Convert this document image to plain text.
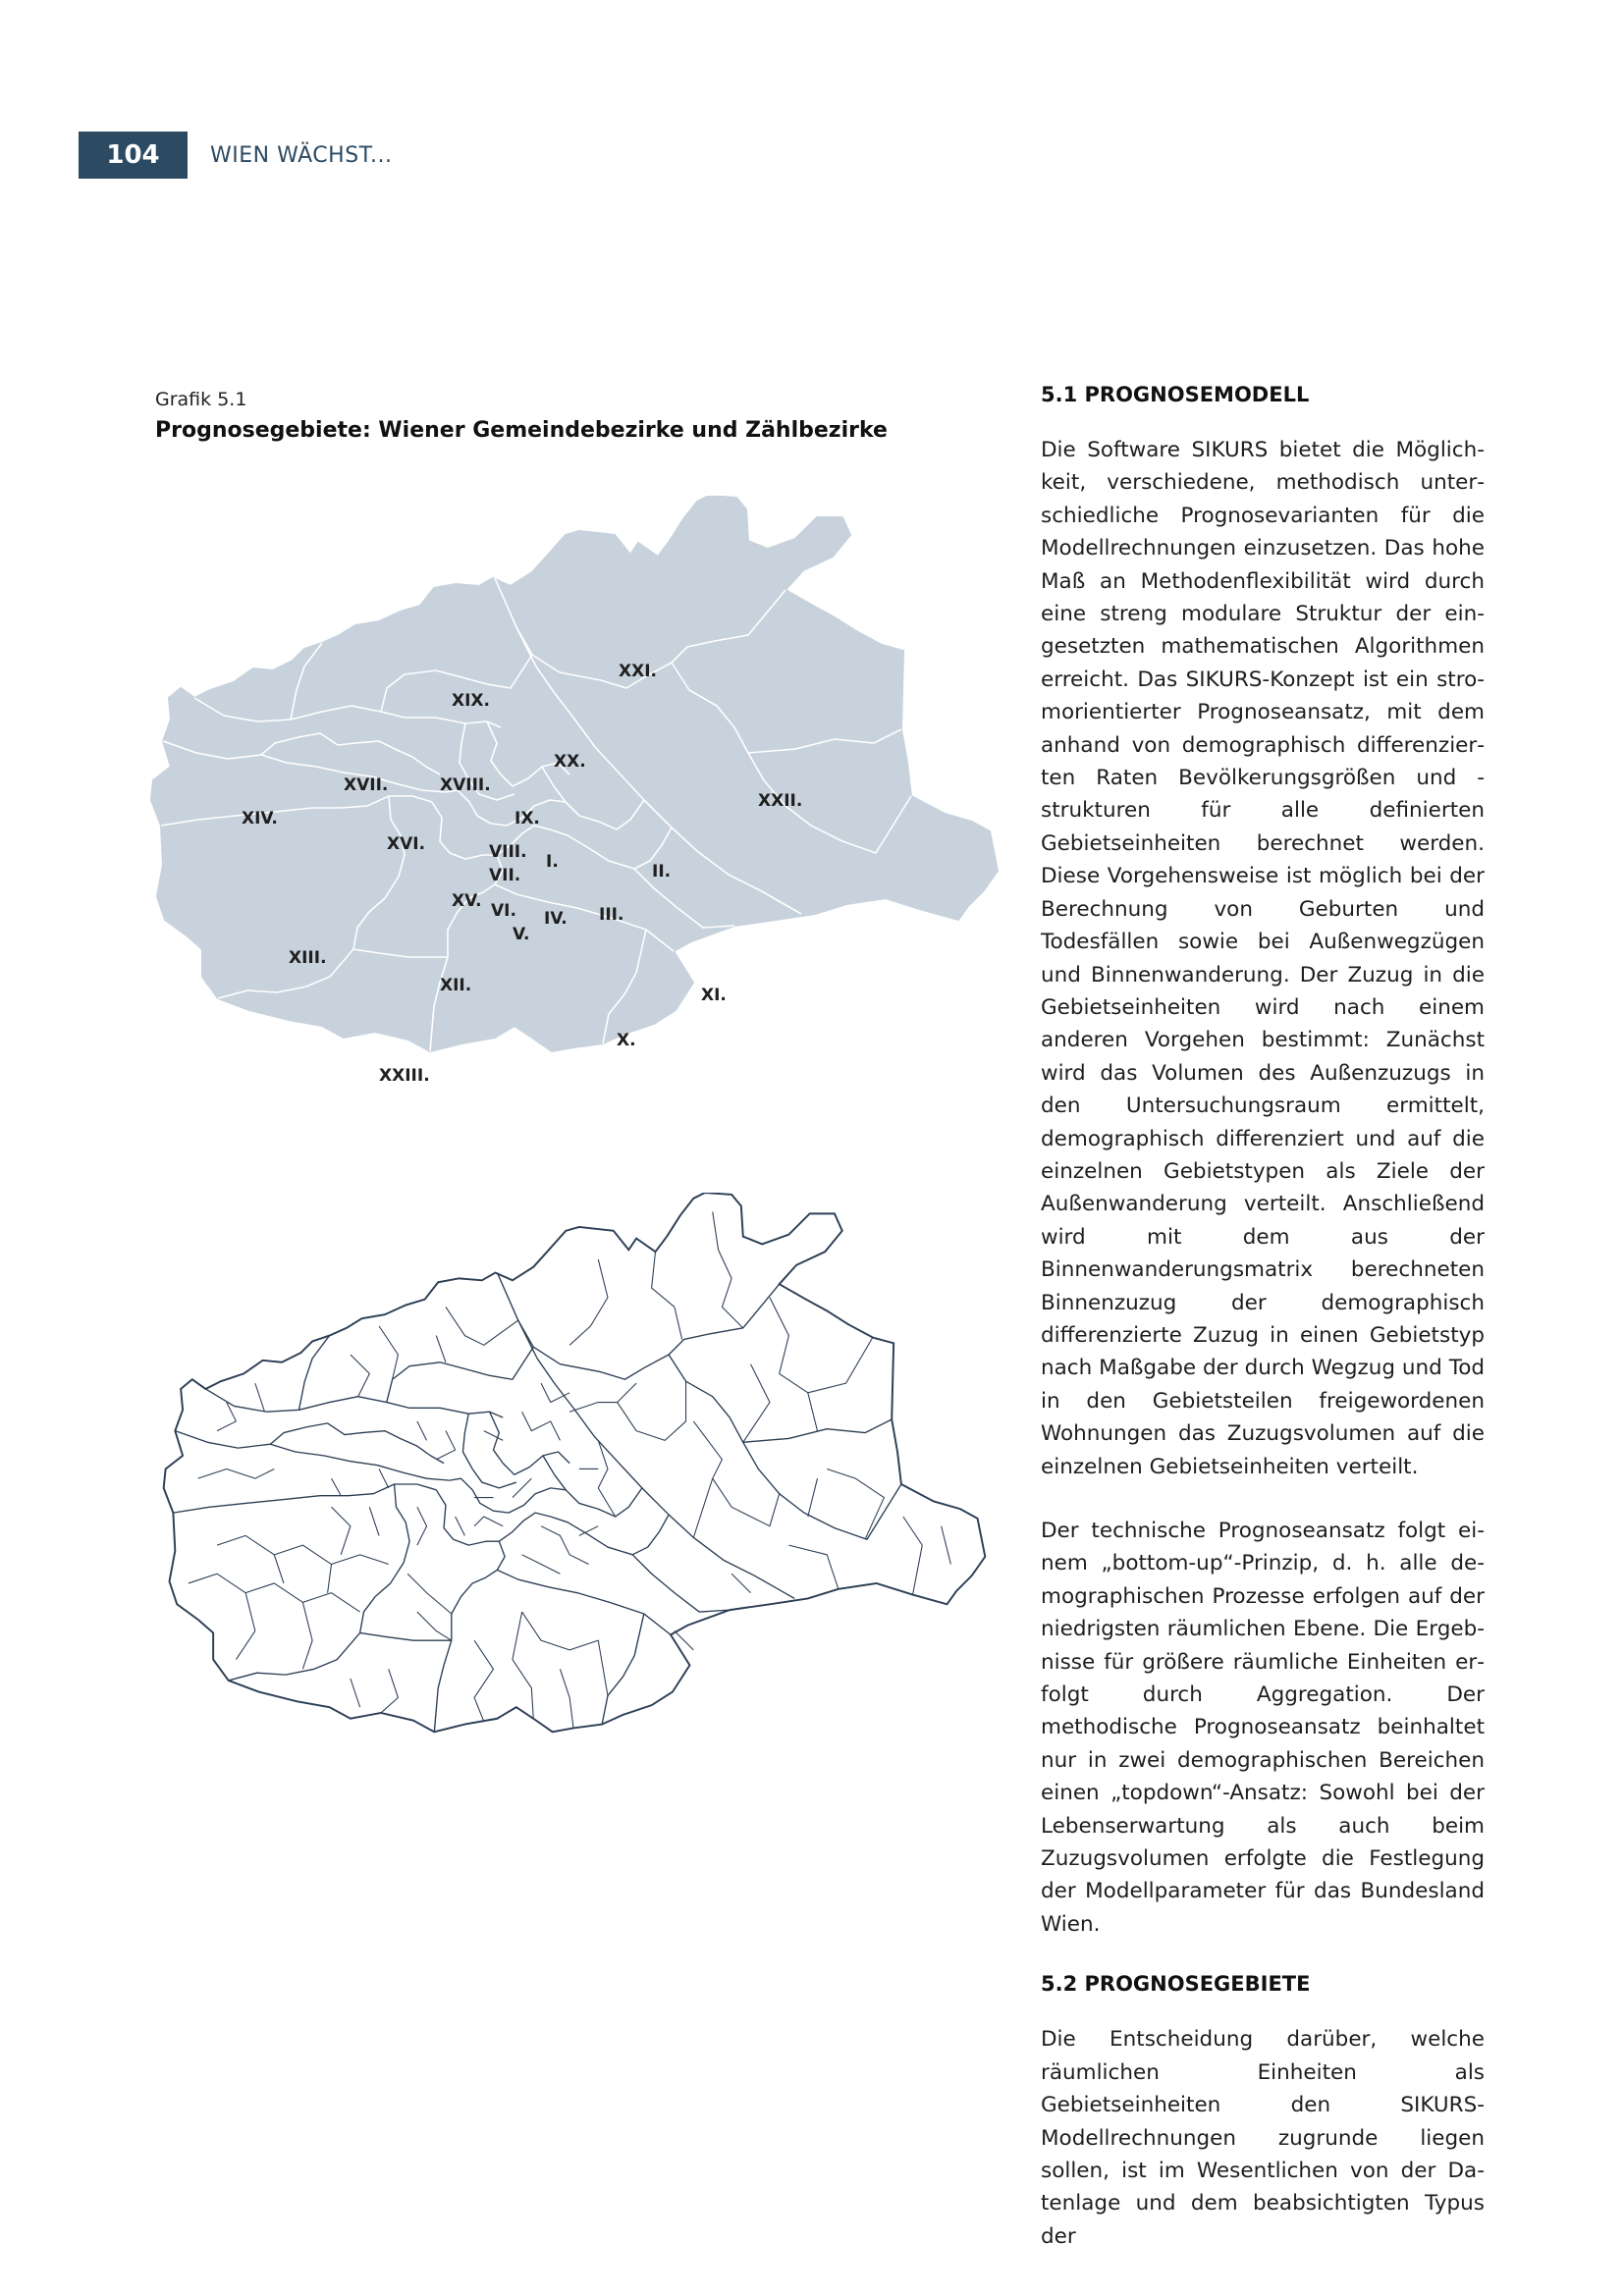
104	WIEN WÄCHST...
Grafik 5.1
Prognosegebiete: Wiener Gemeindebezirke und Zählbezirke
XXI.
XIX.
XX.
XXII.
XVII.	XVIII.
XIV.	IX.
XVI.	VIII. I.
VII.	II.
XV. VI. IV. III.
V.
XIII.
XII.	XI.
X.
XXIII.
5.1 PROGNOSEMODELL

Die Software SIKURS bietet die Möglichkeit, verschiedene, methodisch unterschiedliche Prognosevarianten für die Modellrechnungen einzusetzen. Das hohe Maß an Methodenflexibilität wird durch eine streng modulare Struktur der eingesetzten mathematischen Algorithmen erreicht. Das SIKURS-Konzept ist ein stromorientierter Prognoseansatz, mit dem anhand von demographisch differenzierten Raten Bevölkerungsgrößen und -strukturen für alle definierten Gebietseinheiten berechnet werden. Diese Vorgehensweise ist möglich bei der Berechnung von Geburten und Todesfällen sowie bei Außenwegzügen und Binnenwanderung. Der Zuzug in die Gebietseinheiten wird nach einem anderen Vorgehen bestimmt: Zunächst wird das Volumen des Außenzuzugs in den Untersuchungsraum ermittelt, demographisch differenziert und auf die einzelnen Gebietstypen als Ziele der Außenwanderung verteilt. Anschließend wird mit dem aus der Binnenwanderungsmatrix berechneten Binnenzuzug der demographisch differenzierte Zuzug in einen Gebietstyp nach Maßgabe der durch Wegzug und Tod in den Gebietsteilen freigewordenen Wohnungen das Zuzugsvolumen auf die einzelnen Gebietseinheiten verteilt.

Der technische Prognoseansatz folgt einem „bottom-up“-Prinzip, d. h. alle demographischen Prozesse erfolgen auf der niedrigsten räumlichen Ebene. Die Ergebnisse für größere räumliche Einheiten erfolgt durch Aggregation. Der methodische Prognoseansatz beinhaltet nur in zwei demographischen Bereichen einen „topdown“-Ansatz: Sowohl bei der Lebenserwartung als auch beim Zuzugsvolumen erfolgte die Festlegung der Modellparameter für das Bundesland Wien.

5.2 PROGNOSEGEBIETE

Die Entscheidung darüber, welche räumlichen Einheiten als Gebietseinheiten den SIKURS-Modellrechnungen zugrunde liegen sollen, ist im Wesentlichen von der Datenlage und dem beabsichtigten Typus der
